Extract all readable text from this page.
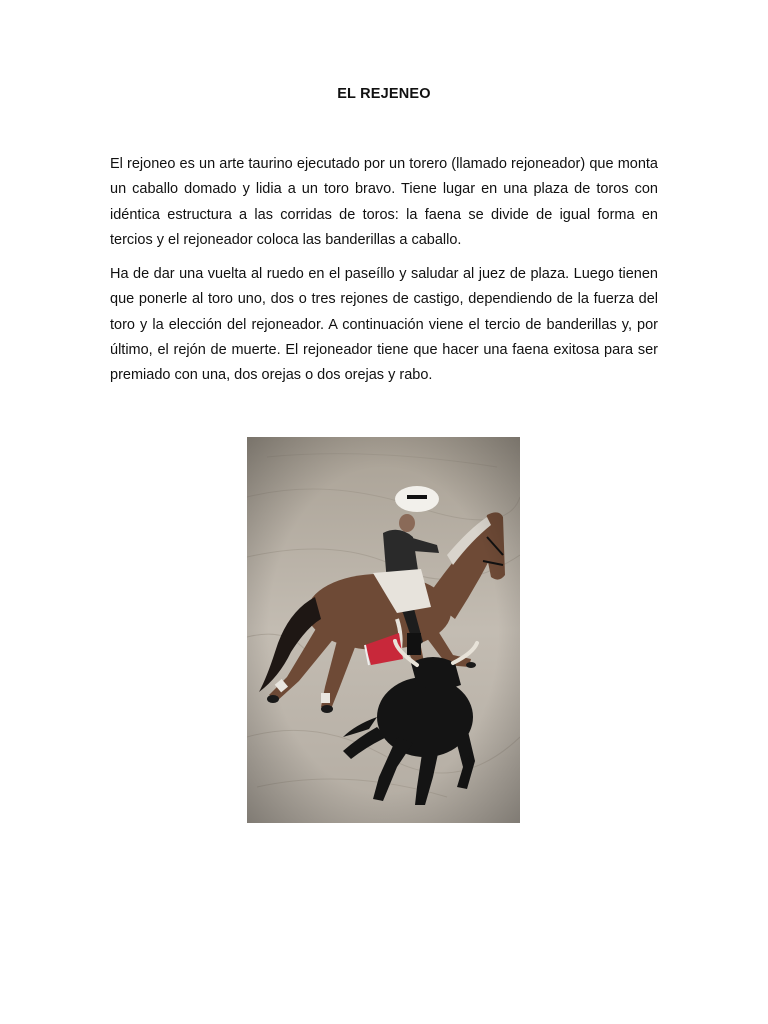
EL REJENEO

El rejoneo es un arte taurino ejecutado por un torero (llamado rejoneador) que monta un caballo domado y lidia a un toro bravo. Tiene lugar en una plaza de toros con idéntica estructura a las corridas de toros: la faena se divide de igual forma en tercios y el rejoneador coloca las banderillas a caballo.

Ha de dar una vuelta al ruedo en el paseíllo y saludar al juez de plaza. Luego tienen que ponerle al toro uno, dos o tres rejones de castigo, dependiendo de la fuerza del toro y la elección del rejoneador. A continuación viene el tercio de banderillas y, por último, el rejón de muerte. El rejoneador tiene que hacer una faena exitosa para ser premiado con una, dos orejas o dos orejas y rabo.
